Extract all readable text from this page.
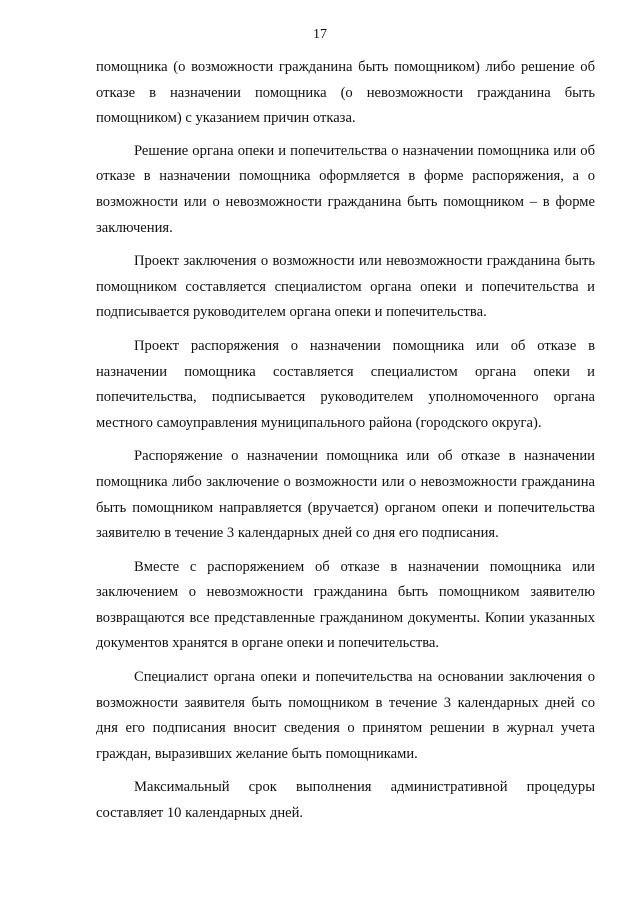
17

помощника (о возможности гражданина быть помощником) либо решение об отказе в назначении помощника (о невозможности гражданина быть помощником) с указанием причин отказа.

Решение органа опеки и попечительства о назначении помощника или об отказе в назначении помощника оформляется в форме распоряжения, а о возможности или о невозможности гражданина быть помощником – в форме заключения.

Проект заключения о возможности или невозможности гражданина быть помощником составляется специалистом органа опеки и попечительства и подписывается руководителем органа опеки и попечительства.

Проект распоряжения о назначении помощника или об отказе в назначении помощника составляется специалистом органа опеки и попечительства, подписывается руководителем уполномоченного органа местного самоуправления муниципального района (городского округа).

Распоряжение о назначении помощника или об отказе в назначении помощника либо заключение о возможности или о невозможности гражданина быть помощником направляется (вручается) органом опеки и попечительства заявителю в течение 3 календарных дней со дня его подписания.

Вместе с распоряжением об отказе в назначении помощника или заключением о невозможности гражданина быть помощником заявителю возвращаются все представленные гражданином документы. Копии указанных документов хранятся в органе опеки и попечительства.

Специалист органа опеки и попечительства на основании заключения о возможности заявителя быть помощником в течение 3 календарных дней со дня его подписания вносит сведения о принятом решении в журнал учета граждан, выразивших желание быть помощниками.

Максимальный срок выполнения административной процедуры составляет 10 календарных дней.
